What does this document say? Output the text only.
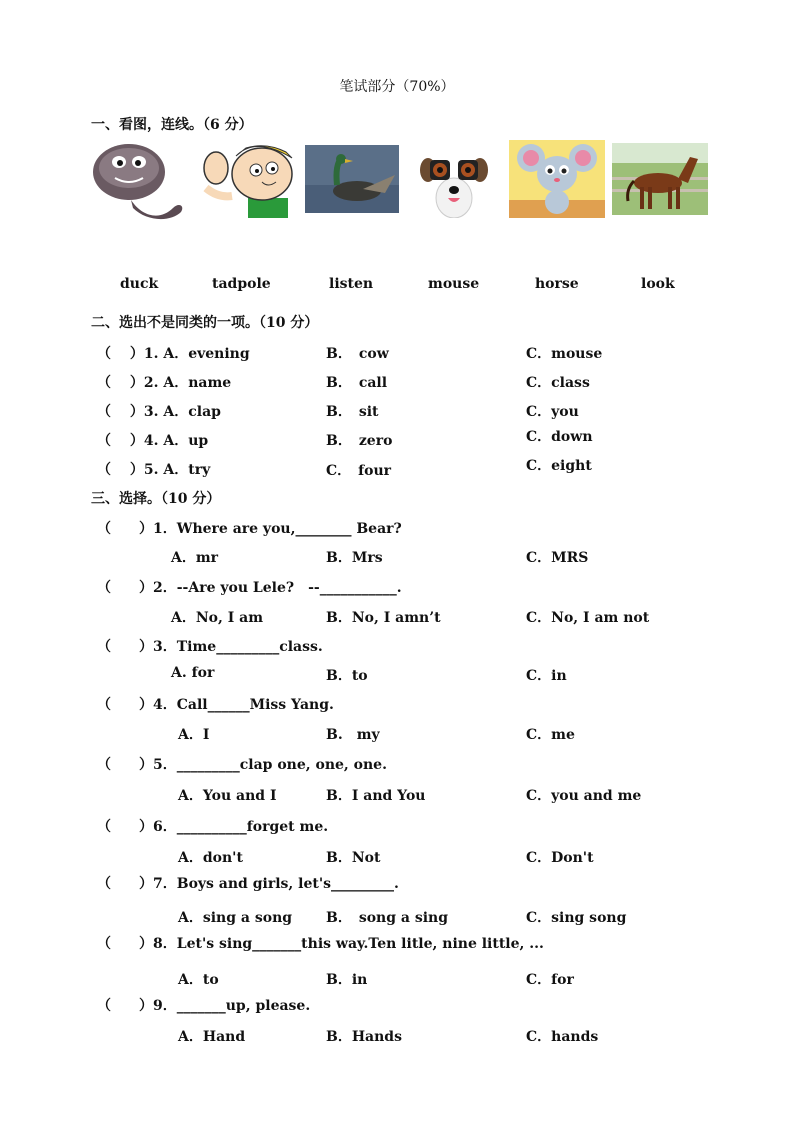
笔试部分（70%）
一、看图，连线。（6 分）
duck	tadpole	listen	mouse	horse	look
二、选出不是同类的一项。（10 分）
（　 ）1. A．evening	B．　cow	C．mouse
（　 ）2. A．name	B．　call	C．class
（　 ）3. A．clap	B．　sit	C．you
（　 ）4. A．up	B．　zero	C．down
（　 ）5. A．try	C．　four	C．eight
三、选择。（10 分）
（　　）1．Where are you,________ Bear?
A．mr	B．Mrs	C．MRS
（　　）2．--Are you Lele?　--___________.
A．No, I am	B．No, I amn’t	C．No, I am not
（　　）3．Time_________class.
A. for	B．to	C．in
（　　）4．Call______Miss Yang.
A．I	B.　my	C．me
（　　）5．_________clap one, one, one.
A．You and I	B．I and You	C．you and me
（　　）6．__________forget me.
A．don't	B．Not	C．Don't
（　　）7．Boys and girls, let's_________.
A．sing a song B．　song a sing	C．sing song
（　　）8．Let's sing_______this way.Ten litle, nine little, ...
A．to	B．in	C．for
（　　）9．_______up, please.
A．Hand	B．Hands	C．hands
